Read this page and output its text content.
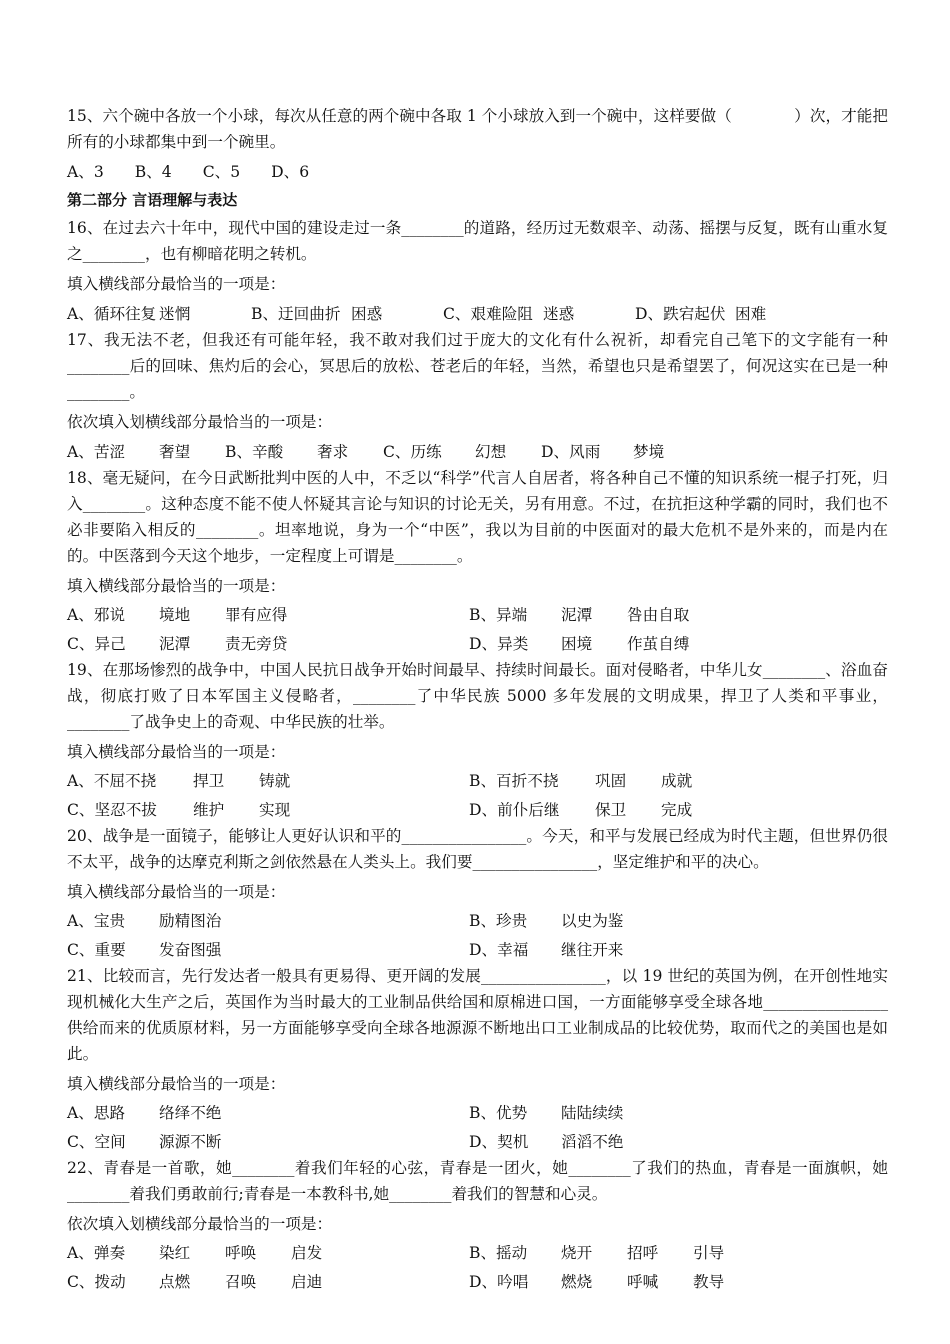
15、六个碗中各放一个小球，每次从任意的两个碗中各取 1 个小球放入到一个碗中，这样要做（　　　　）次，才能把所有的小球都集中到一个碗里。

A、3 B、4 C、5 D、6
第二部分 言语理解与表达

16、在过去六十年中，现代中国的建设走过一条________的道路，经历过无数艰辛、动荡、摇摆与反复，既有山重水复之________，也有柳暗花明之转机。

填入横线部分最恰当的一项是：

A、循环往复 迷惘	B、迂回曲折 困惑	C、艰难险阻 迷惑	D、跌宕起伏 困难

17、我无法不老，但我还有可能年轻，我不敢对我们过于庞大的文化有什么祝祈，却看完自己笔下的文字能有一种________后的回味、焦灼后的会心，冥思后的放松、苍老后的年轻，当然，希望也只是希望罢了，何况这实在已是一种________。

依次填入划横线部分最恰当的一项是：

A、苦涩 奢望 B、辛酸 奢求 C、历练 幻想 D、风雨 梦境

18、毫无疑问，在今日武断批判中医的人中，不乏以“科学”代言人自居者，将各种自己不懂的知识系统一棍子打死，归入________。这种态度不能不使人怀疑其言论与知识的讨论无关，另有用意。不过，在抗拒这种学霸的同时，我们也不必非要陷入相反的________。坦率地说，身为一个“中医”，我以为目前的中医面对的最大危机不是外来的，而是内在的。中医落到今天这个地步，一定程度上可谓是________。

填入横线部分最恰当的一项是：

A、邪说	境地	罪有应得	B、异端	泥潭	咎由自取
C、异己	泥潭	责无旁贷	D、异类	困境	作茧自缚

19、在那场惨烈的战争中，中国人民抗日战争开始时间最早、持续时间最长。面对侵略者，中华儿女________、浴血奋战，彻底打败了日本军国主义侵略者，________了中华民族 5000 多年发展的文明成果，捍卫了人类和平事业，________了战争史上的奇观、中华民族的壮举。

填入横线部分最恰当的一项是：

A、不屈不挠	捍卫	铸就	B、百折不挠	巩固	成就
C、坚忍不拔	维护	实现	D、前仆后继	保卫	完成

20、战争是一面镜子，能够让人更好认识和平的________________。今天，和平与发展已经成为时代主题，但世界仍很不太平，战争的达摩克利斯之剑依然悬在人类头上。我们要________________，坚定维护和平的决心。

填入横线部分最恰当的一项是：

A、宝贵	励精图治	B、珍贵	以史为鉴
C、重要	发奋图强	D、幸福	继往开来

21、比较而言，先行发达者一般具有更易得、更开阔的发展________________，以 19 世纪的英国为例，在开创性地实现机械化大生产之后，英国作为当时最大的工业制品供给国和原棉进口国，一方面能够享受全球各地________________供给而来的优质原材料，另一方面能够享受向全球各地源源不断地出口工业制成品的比较优势，取而代之的美国也是如此。

填入横线部分最恰当的一项是：

A、思路	络绎不绝	B、优势	陆陆续续
C、空间	源源不断	D、契机	滔滔不绝

22、青春是一首歌，她________着我们年轻的心弦，青春是一团火，她________了我们的热血，青春是一面旗帜，她________着我们勇敢前行;青春是一本教科书,她________着我们的智慧和心灵。

依次填入划横线部分最恰当的一项是：

A、弹奏	染红	呼唤	启发	B、摇动	烧开	招呼	引导
C、拨动	点燃	召唤	启迪	D、吟唱	燃烧	呼喊	教导
